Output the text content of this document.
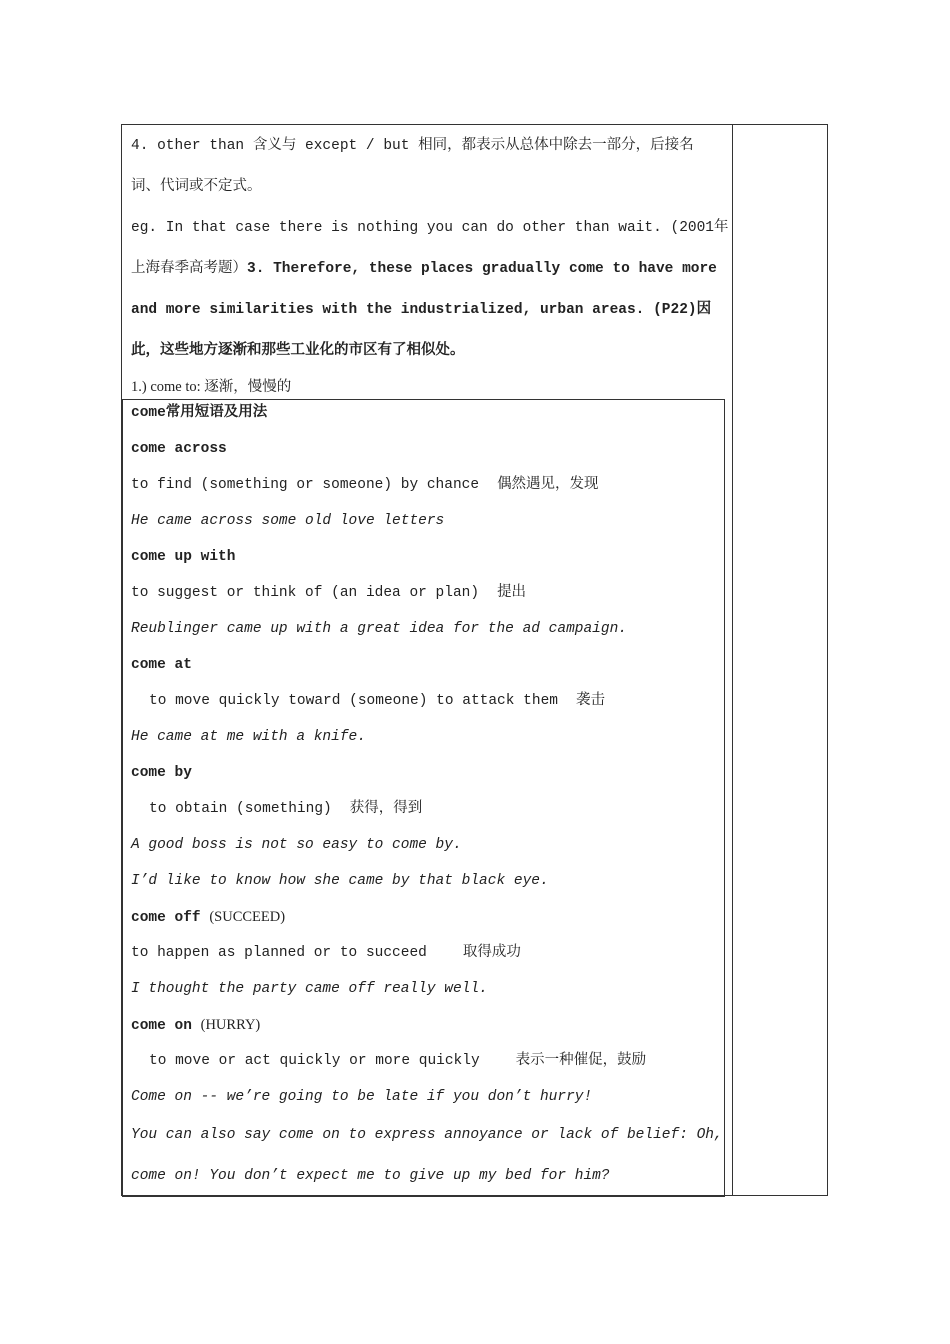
4. other than 含义与 except / but 相同，都表示从总体中除去一部分，后接名
词、代词或不定式。
eg. In that case there is nothing you can do other than wait. (2001年
上海春季高考题）3. Therefore, these places gradually come to have more
and more similarities with the industrialized, urban areas. (P22)因
此，这些地方逐渐和那些工业化的市区有了相似处。
1.) come to: 逐渐，慢慢的
come常用短语及用法
come across
to find (something or someone) by chance 偶然遇见，发现
He came across some old love letters
come up with
to suggest or think of (an idea or plan) 提出
Reublinger came up with a great idea for the ad campaign.
come at
to move quickly toward (someone) to attack them 袭击
He came at me with a knife.
come by
to obtain (something) 获得，得到
A good boss is not so easy to come by.
I’d like to know how she came by that black eye.
come off (SUCCEED)
to happen as planned or to succeed 取得成功
I thought the party came off really well.
come on (HURRY)
to move or act quickly or more quickly 表示一种催促，鼓励
Come on -- we’re going to be late if you don’t hurry!
You can also say come on to express annoyance or lack of belief: Oh,
come on! You don’t expect me to give up my bed for him?
